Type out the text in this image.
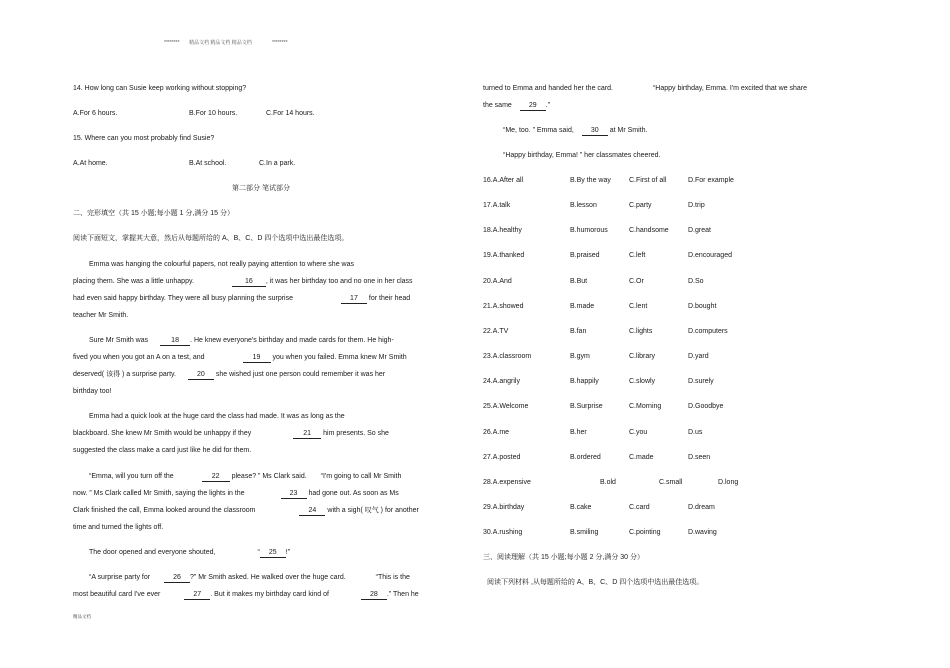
******** 精品文档 精品文档 精品文档	********
14. How long can Susie keep working without stopping?
A.For 6 hours.	B.For 10 hours.	C.For 14 hours.
15. Where can you most probably find Susie?
A.At home.	B.At school.	C.In a park.
第二部分 笔试部分
二、完形填空（共 15 小题;每小题 1 分,满分 15 分）
阅读下面短文，掌握其大意，然后从每题所给的 A、B、C、D 四个选项中选出最佳选项。
Emma was hanging the colourful papers, not really paying attention to where she was
placing them. She was a little unhappy.	16 , it was her birthday too and no one in her class
had even said happy birthday. They were all busy planning the surprise	17 for their head
teacher Mr Smith.
Sure Mr Smith was	18 . He knew everyone's birthday and made cards for them. He high-
fived you when you got an A on a test, and	19 you when you failed. Emma knew Mr Smith
deserved( 该得 ) a surprise party.	20 she wished just one person could remember it was her
birthday too!
Emma had a quick look at the huge card the class had made. It was as long as the
blackboard. She knew Mr Smith would be unhappy if they	21 him presents. So she
suggested the class make a card just like he did for them.
“Emma, will you turn off the	22 please? ” Ms Clark said. “I'm going to call Mr Smith
now. ” Ms Clark called Mr Smith, saying the lights in the	23 had gone out. As soon as Ms
Clark finished the call, Emma looked around the classroom	24 with a sigh( 叹气 ) for another
time and turned the lights off.
The door opened and everyone shouted,	“ 25 !”
“A surprise party for	26 ?” Mr Smith asked. He walked over the huge card.	“This is the
most beautiful card I've ever	27 . But it makes my birthday card kind of	28 .” Then he
精品文档
turned to Emma and handed her the card.	“Happy birthday, Emma. I'm excited that we share
the same 29 .”
“Me, too. ” Emma said, 30 at Mr Smith.
“Happy birthday, Emma! ” her classmates cheered.
16.A.After all	B.By the way	C.First of all	D.For example
17.A.talk	B.lesson	C.party	D.trip
18.A.healthy	B.humorous	C.handsome	D.great
19.A.thanked	B.praised	C.left	D.encouraged
20.A.And	B.But	C.Or	D.So
21.A.showed	B.made	C.lent	D.bought
22.A.TV	B.fan	C.lights	D.computers
23.A.classroom	B.gym	C.library	D.yard
24.A.angrily	B.happily	C.slowly	D.surely
25.A.Welcome	B.Surprise	C.Morning	D.Goodbye
26.A.me	B.her	C.you	D.us
27.A.posted	B.ordered	C.made	D.seen
28.A.expensive	B.old	C.small	D.long
29.A.birthday	B.cake	C.card	D.dream
30.A.rushing	B.smiling	C.pointing	D.waving
三、阅读理解（共 15 小题;每小题 2 分,满分 30 分）
阅读下列材料 ,从每题所给的 A、B、C、D 四个选项中选出最佳选项。
